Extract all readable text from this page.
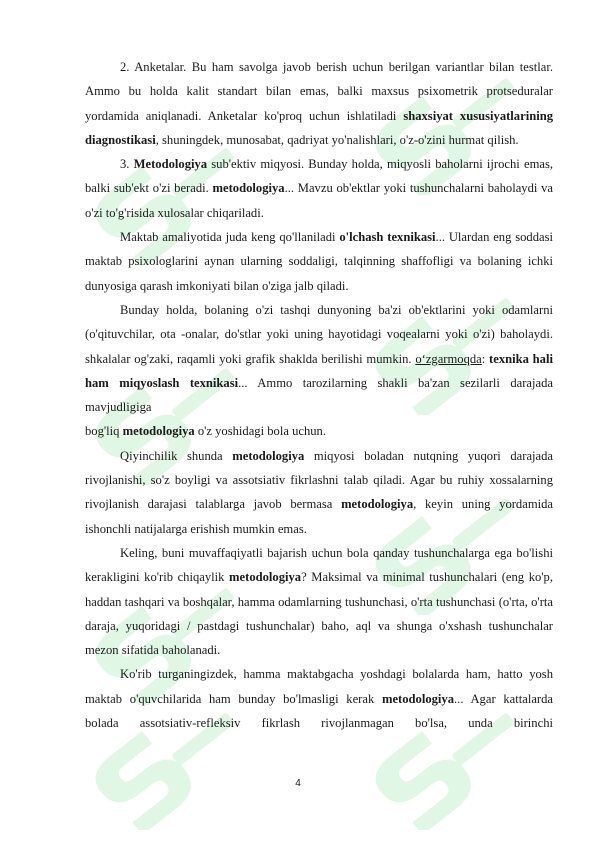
2. Anketalar. Bu ham savolga javob berish uchun berilgan variantlar bilan testlar. Ammo bu holda kalit standart bilan emas, balki maxsus psixometrik protseduralar yordamida aniqlanadi. Anketalar ko'proq uchun ishlatiladi shaxsiyat xususiyatlarining diagnostikasi, shuningdek, munosabat, qadriyat yo'nalishlari, o'z-o'zini hurmat qilish.

3. Metodologiya sub'ektiv miqyosi. Bunday holda, miqyosli baholarni ijrochi emas, balki sub'ekt o'zi beradi. metodologiya... Mavzu ob'ektlar yoki tushunchalarni baholaydi va o'zi to'g'risida xulosalar chiqariladi.

Maktab amaliyotida juda keng qo'llaniladi o'lchash texnikasi... Ulardan eng soddasi maktab psixologlarini aynan ularning soddaligi, talqinning shaffofligi va bolaning ichki dunyosiga qarash imkoniyati bilan o'ziga jalb qiladi.

Bunday holda, bolaning o'zi tashqi dunyoning ba'zi ob'ektlarini yoki odamlarni (o'qituvchilar, ota -onalar, do'stlar yoki uning hayotidagi voqealarni yoki o'zi) baholaydi. shkalalar og'zaki, raqamli yoki grafik shaklda berilishi mumkin. o‘zgarmoqda: texnika hali ham miqyoslash texnikasi... Ammo tarozilarning shakli ba'zan sezilarli darajada mavjudligiga

bog'liq metodologiya o'z yoshidagi bola uchun.

Qiyinchilik shunda metodologiya miqyosi boladan nutqning yuqori darajada rivojlanishi, so'z boyligi va assotsiativ fikrlashni talab qiladi. Agar bu ruhiy xossalarning rivojlanish darajasi talablarga javob bermasa metodologiya, keyin uning yordamida ishonchli natijalarga erishish mumkin emas.

Keling, buni muvaffaqiyatli bajarish uchun bola qanday tushunchalarga ega bo'lishi kerakligini ko'rib chiqaylik metodologiya? Maksimal va minimal tushunchalari (eng ko'p, haddan tashqari va boshqalar, hamma odamlarning tushunchasi, o'rta tushunchasi (o'rta, o'rta daraja, yuqoridagi / pastdagi tushunchalar) baho, aql va shunga o'xshash tushunchalar mezon sifatida baholanadi.

Ko'rib turganingizdek, hamma maktabgacha yoshdagi bolalarda ham, hatto yosh maktab o'quvchilarida ham bunday bo'lmasligi kerak metodologiya... Agar kattalarda bolada assotsiativ-refleksiv fikrlash rivojlanmagan bo'lsa, unda birinchi

4
